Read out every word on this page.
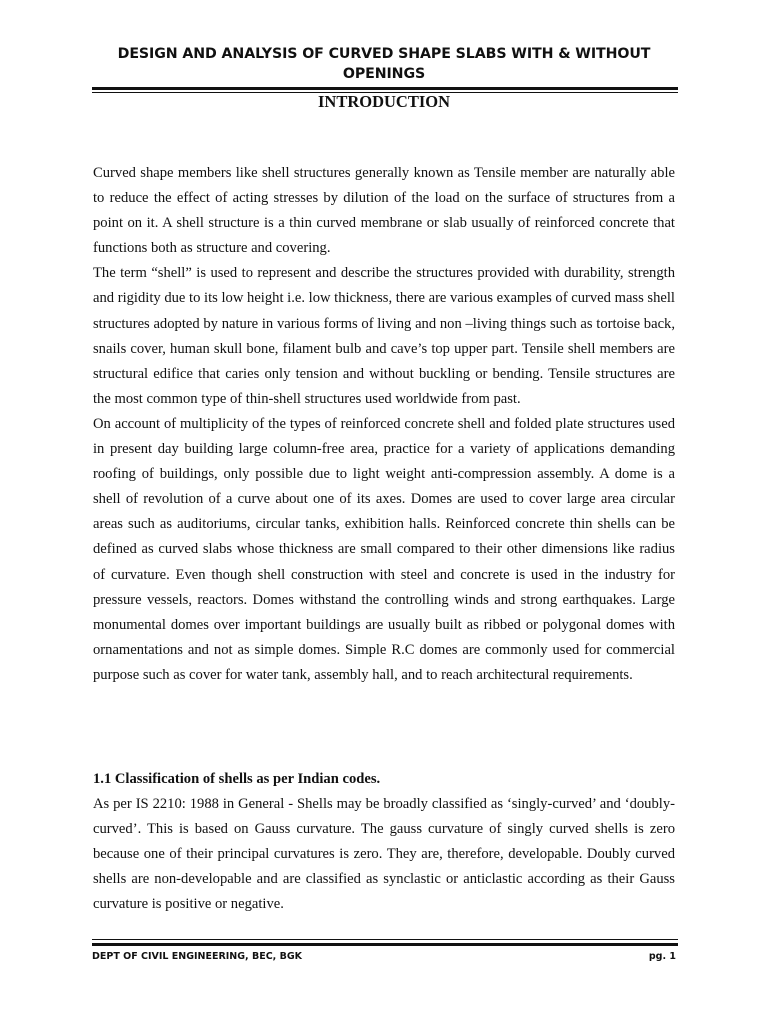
DESIGN AND ANALYSIS OF CURVED SHAPE SLABS WITH & WITHOUT OPENINGS
INTRODUCTION

Curved shape members like shell structures generally known as Tensile member are naturally able to reduce the effect of acting stresses by dilution of the load on the surface of structures from a point on it. A shell structure is a thin curved membrane or slab usually of reinforced concrete that functions both as structure and covering.

The term “shell” is used to represent and describe the structures provided with durability, strength and rigidity due to its low height i.e. low thickness, there are various examples of curved mass shell structures adopted by nature in various forms of living and non –living things such as tortoise back, snails cover, human skull bone, filament bulb and cave’s top upper part. Tensile shell members are structural edifice that caries only tension and without buckling or bending. Tensile structures are the most common type of thin-shell structures used worldwide from past.

On account of multiplicity of the types of reinforced concrete shell and folded plate structures used in present day building large column-free area, practice for a variety of applications demanding roofing of buildings, only possible due to light weight anti-compression assembly. A dome is a shell of revolution of a curve about one of its axes. Domes are used to cover large area circular areas such as auditoriums, circular tanks, exhibition halls. Reinforced concrete thin shells can be defined as curved slabs whose thickness are small compared to their other dimensions like radius of curvature. Even though shell construction with steel and concrete is used in the industry for pressure vessels, reactors. Domes withstand the controlling winds and strong earthquakes. Large monumental domes over important buildings are usually built as ribbed or polygonal domes with ornamentations and not as simple domes. Simple R.C domes are commonly used for commercial purpose such as cover for water tank, assembly hall, and to reach architectural requirements.

1.1 Classification of shells as per Indian codes.

As per IS 2210: 1988 in General - Shells may be broadly classified as ‘singly-curved’ and ‘doubly-curved’. This is based on Gauss curvature. The gauss curvature of singly curved shells is zero because one of their principal curvatures is zero. They are, therefore, developable. Doubly curved shells are non-developable and are classified as synclastic or anticlastic according as their Gauss curvature is positive or negative.

DEPT OF CIVIL ENGINEERING, BEC, BGK	pg. 1
